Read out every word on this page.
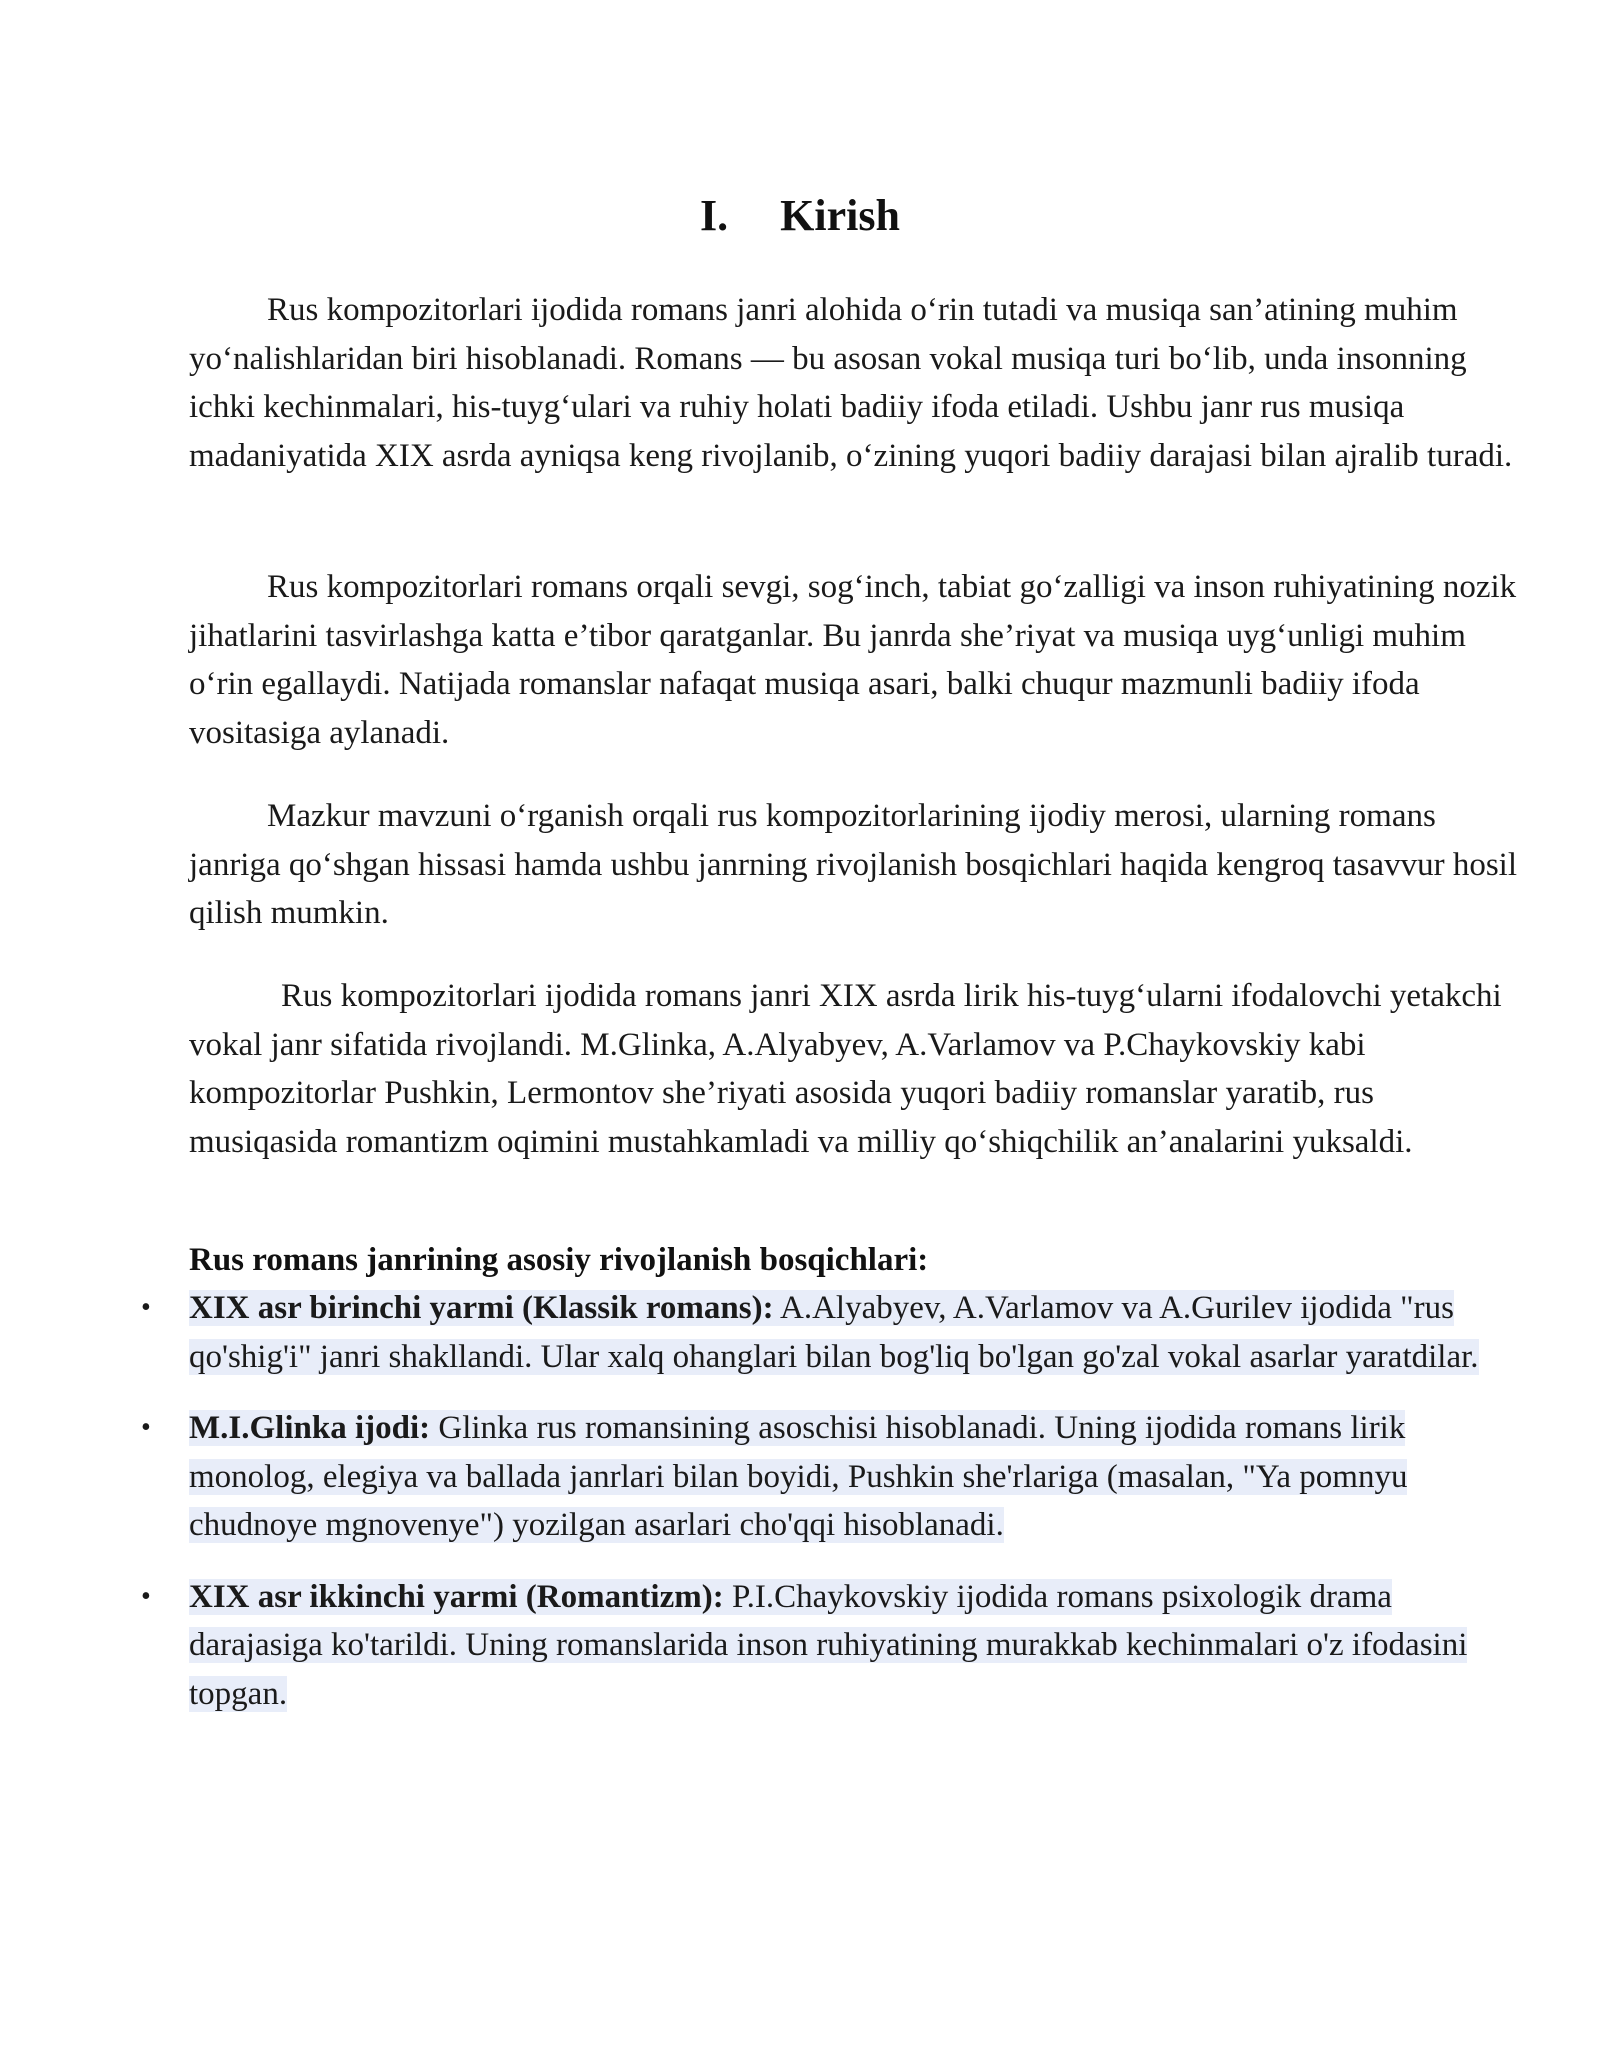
I. Kirish

Rus kompozitorlari ijodida romans janri alohida o‘rin tutadi va musiqa san’atining muhim yo‘nalishlaridan biri hisoblanadi. Romans — bu asosan vokal musiqa turi bo‘lib, unda insonning ichki kechinmalari, his-tuyg‘ulari va ruhiy holati badiiy ifoda etiladi. Ushbu janr rus musiqa madaniyatida XIX asrda ayniqsa keng rivojlanib, o‘zining yuqori badiiy darajasi bilan ajralib turadi.

Rus kompozitorlari romans orqali sevgi, sog‘inch, tabiat go‘zalligi va inson ruhiyatining nozik jihatlarini tasvirlashga katta e’tibor qaratganlar. Bu janrda she’riyat va musiqa uyg‘unligi muhim o‘rin egallaydi. Natijada romanslar nafaqat musiqa asari, balki chuqur mazmunli badiiy ifoda vositasiga aylanadi.

Mazkur mavzuni o‘rganish orqali rus kompozitorlarining ijodiy merosi, ularning romans janriga qo‘shgan hissasi hamda ushbu janrning rivojlanish bosqichlari haqida kengroq tasavvur hosil qilish mumkin.

Rus kompozitorlari ijodida romans janri XIX asrda lirik his-tuyg‘ularni ifodalovchi yetakchi vokal janr sifatida rivojlandi. M.Glinka, A.Alyabyev, A.Varlamov va P.Chaykovskiy kabi kompozitorlar Pushkin, Lermontov she’riyati asosida yuqori badiiy romanslar yaratib, rus musiqasida romantizm oqimini mustahkamladi va milliy qo‘shiqchilik an’analarini yuksaldi.

Rus romans janrining asosiy rivojlanish bosqichlari:
• XIX asr birinchi yarmi (Klassik romans): A.Alyabyev, A.Varlamov va A.Gurilev ijodida "rus qo'shig'i" janri shakllandi. Ular xalq ohanglari bilan bog'liq bo'lgan go'zal vokal asarlar yaratdilar.
• M.I.Glinka ijodi: Glinka rus romansining asoschisi hisoblanadi. Uning ijodida romans lirik monolog, elegiya va ballada janrlari bilan boyidi, Pushkin she'rlariga (masalan, "Ya pomnyu chudnoye mgnovenye") yozilgan asarlari cho'qqi hisoblanadi.
• XIX asr ikkinchi yarmi (Romantizm): P.I.Chaykovskiy ijodida romans psixologik drama darajasiga ko'tarildi. Uning romanslarida inson ruhiyatining murakkab kechinmalari o'z ifodasini topgan.
